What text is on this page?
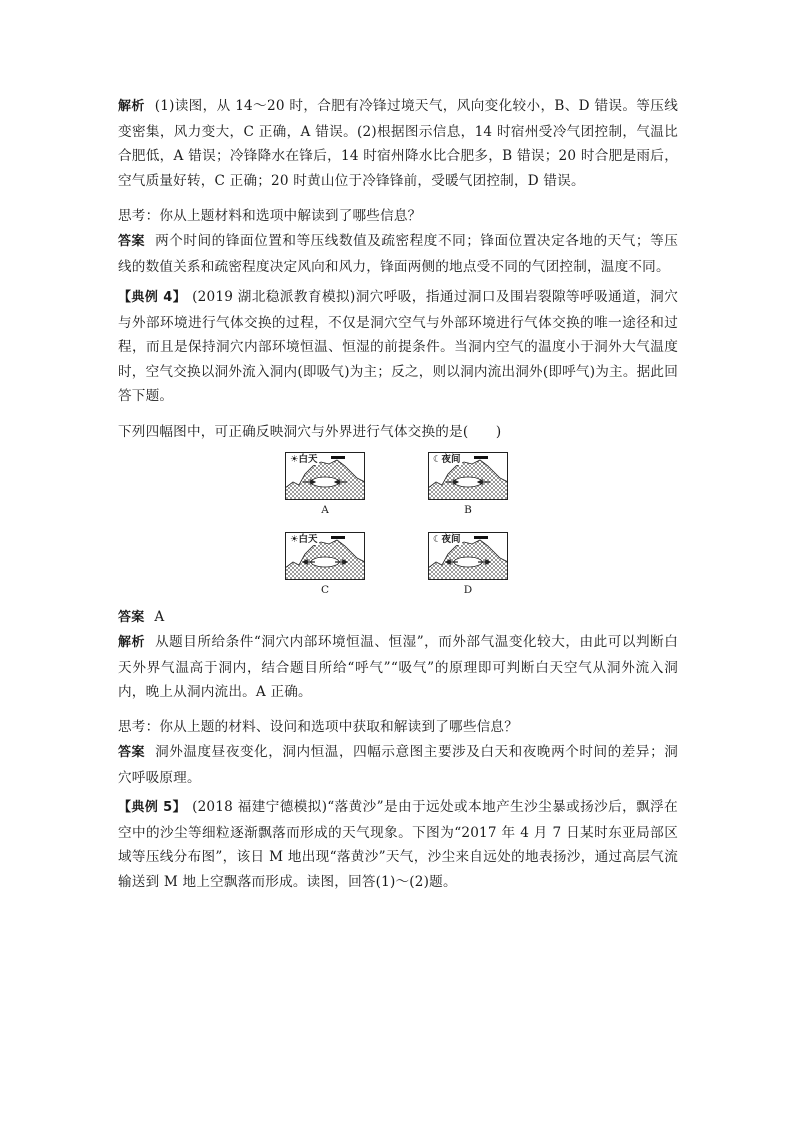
解析 (1)读图，从 14～20 时，合肥有冷锋过境天气，风向变化较小，B、D 错误。等压线变密集，风力变大，C 正确，A 错误。(2)根据图示信息，14 时宿州受冷气团控制，气温比合肥低，A 错误；冷锋降水在锋后，14 时宿州降水比合肥多，B 错误；20 时合肥是雨后，空气质量好转，C 正确；20 时黄山位于冷锋锋前，受暖气团控制，D 错误。

思考：你从上题材料和选项中解读到了哪些信息？

答案 两个时间的锋面位置和等压线数值及疏密程度不同；锋面位置决定各地的天气；等压线的数值关系和疏密程度决定风向和风力，锋面两侧的地点受不同的气团控制，温度不同。

【典例 4】 (2019 湖北稳派教育模拟)洞穴呼吸，指通过洞口及围岩裂隙等呼吸通道，洞穴与外部环境进行气体交换的过程，不仅是洞穴空气与外部环境进行气体交换的唯一途径和过程，而且是保持洞穴内部环境恒温、恒湿的前提条件。当洞内空气的温度小于洞外大气温度时，空气交换以洞外流入洞内(即吸气)为主；反之，则以洞内流出洞外(即呼气)为主。据此回答下题。

下列四幅图中，可正确反映洞穴与外界进行气体交换的是(　　)

☀白天
A
☾夜间
B
☀白天
C
☾夜间
D

答案 A

解析 从题目所给条件“洞穴内部环境恒温、恒湿”，而外部气温变化较大，由此可以判断白天外界气温高于洞内，结合题目所给“呼气”“吸气”的原理即可判断白天空气从洞外流入洞内，晚上从洞内流出。A 正确。

思考：你从上题的材料、设问和选项中获取和解读到了哪些信息？

答案 洞外温度昼夜变化，洞内恒温，四幅示意图主要涉及白天和夜晚两个时间的差异；洞穴呼吸原理。

【典例 5】 (2018 福建宁德模拟)“落黄沙”是由于远处或本地产生沙尘暴或扬沙后，飘浮在空中的沙尘等细粒逐渐飘落而形成的天气现象。下图为“2017 年 4 月 7 日某时东亚局部区域等压线分布图”，该日 M 地出现“落黄沙”天气，沙尘来自远处的地表扬沙，通过高层气流输送到 M 地上空飘落而形成。读图，回答(1)～(2)题。
